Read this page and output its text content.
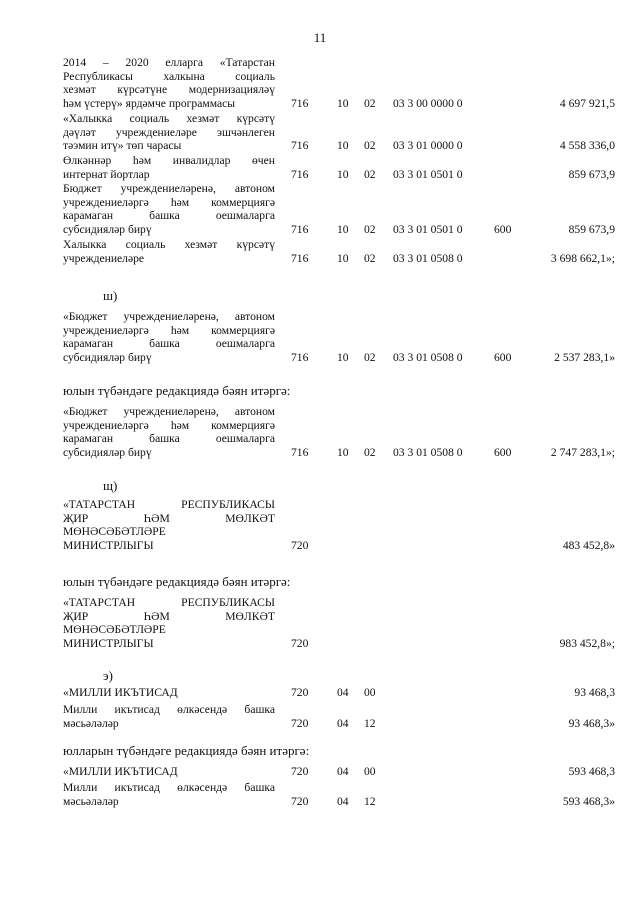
11
2014 – 2020 елларга «Татарстан
Республикасы халкына социаль
хезмәт күрсәтүне модернизацияләү
һәм үстерү» ярдәмче программасы	716 10 02 03 3 00 0000 0	4 697 921,5
«Халыкка социаль хезмәт күрсәтү
дәүләт учреждениеләре эшчәнлеген
тәэмин итү» төп чарасы	716 10 02 03 3 01 0000 0	4 558 336,0
Өлкәннәр һәм инвалидлар өчен
интернат йортлар	716 10 02 03 3 01 0501 0	859 673,9
Бюджет учреждениеләренә, автоном
учреждениеләргә һәм коммерциягә
карамаган башка оешмаларга
субсидияләр бирү	716 10 02 03 3 01 0501 0	600	859 673,9
Халыкка социаль хезмәт күрсәтү
учреждениеләре	716 10 02 03 3 01 0508 0	3 698 662,1»;
ш)
«Бюджет учреждениеләренә, автоном
учреждениеләргә һәм коммерциягә
карамаган башка оешмаларга
субсидияләр бирү	716 10 02 03 3 01 0508 0	600	2 537 283,1»
юлын түбәндәге редакциядә бәян итәргә:
«Бюджет учреждениеләренә, автоном
учреждениеләргә һәм коммерциягә
карамаган башка оешмаларга
субсидияләр бирү	716 10 02 03 3 01 0508 0	600	2 747 283,1»;
щ)
«ТАТАРСТАН РЕСПУБЛИКАСЫ
ҖИР ҺӘМ МӨЛКӘТ
МӨНӘСӘБӘТЛӘРЕ
МИНИСТРЛЫГЫ	720	483 452,8»
юлын түбәндәге редакциядә бәян итәргә:
«ТАТАРСТАН РЕСПУБЛИКАСЫ
ҖИР ҺӘМ МӨЛКӘТ
МӨНӘСӘБӘТЛӘРЕ
МИНИСТРЛЫГЫ	720	983 452,8»;
э)
«МИЛЛИ ИКЪТИСАД	720 04 00	93 468,3
Милли икътисад өлкәсендә башка
мәсьәләләр	720 04 12	93 468,3»
юлларын түбәндәге редакциядә бәян итәргә:
«МИЛЛИ ИКЪТИСАД	720 04 00	593 468,3
Милли икътисад өлкәсендә башка
мәсьәләләр	720 04 12	593 468,3»
